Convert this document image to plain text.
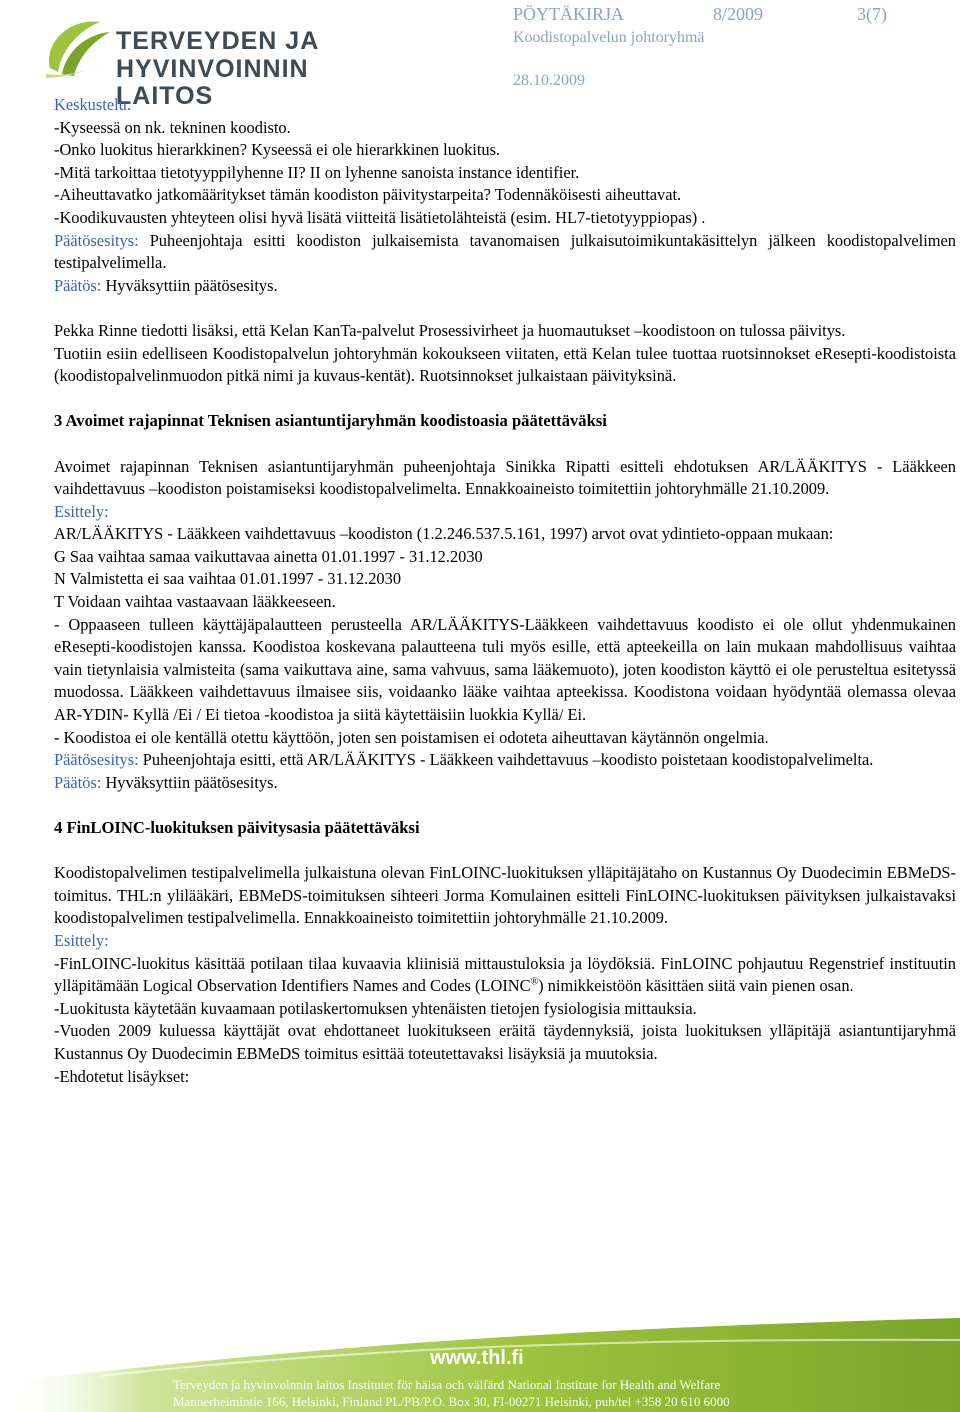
TERVEYDEN JA
HYVINVOINNIN LAITOS
PÖYTÄKIRJA	8/2009	3(7)
Koodistopalvelun johtoryhmä
28.10.2009

Keskustelu:

-Kyseessä on nk. tekninen koodisto.

-Onko luokitus hierarkkinen? Kyseessä ei ole hierarkkinen luokitus.

-Mitä tarkoittaa tietotyyppilyhenne II? II on lyhenne sanoista instance identifier.

-Aiheuttavatko jatkomääritykset tämän koodiston päivitystarpeita? Todennäköisesti aiheuttavat.

-Koodikuvausten yhteyteen olisi hyvä lisätä viitteitä lisätietolähteistä (esim. HL7-tietotyyppiopas) .

Päätösesitys: Puheenjohtaja esitti koodiston julkaisemista tavanomaisen julkaisutoimikuntakäsittelyn jälkeen koodistopalvelimen testipalvelimella.

Päätös: Hyväksyttiin päätösesitys.

Pekka Rinne tiedotti lisäksi, että Kelan KanTa-palvelut Prosessivirheet ja huomautukset –koodistoon on tulossa päivitys.

Tuotiin esiin edelliseen Koodistopalvelun johtoryhmän kokoukseen viitaten, että Kelan tulee tuottaa ruotsinnokset eResepti-koodistoista (koodistopalvelinmuodon pitkä nimi ja kuvaus-kentät). Ruotsinnokset julkaistaan päivityksinä.

3 Avoimet rajapinnat Teknisen asiantuntijaryhmän koodistoasia päätettäväksi

Avoimet rajapinnan Teknisen asiantuntijaryhmän puheenjohtaja Sinikka Ripatti esitteli ehdotuksen AR/LÄÄKITYS - Lääkkeen vaihdettavuus –koodiston poistamiseksi koodistopalvelimelta. Ennakkoaineisto toimitettiin johtoryhmälle 21.10.2009.

Esittely:

AR/LÄÄKITYS - Lääkkeen vaihdettavuus –koodiston (1.2.246.537.5.161, 1997) arvot ovat ydintieto-oppaan mukaan:

G Saa vaihtaa samaa vaikuttavaa ainetta 01.01.1997 - 31.12.2030

N Valmistetta ei saa vaihtaa 01.01.1997 - 31.12.2030

T Voidaan vaihtaa vastaavaan lääkkeeseen.

- Oppaaseen tulleen käyttäjäpalautteen perusteella AR/LÄÄKITYS-Lääkkeen vaihdettavuus koodisto ei ole ollut yhdenmukainen eResepti-koodistojen kanssa. Koodistoa koskevana palautteena tuli myös esille, että apteekeilla on lain mukaan mahdollisuus vaihtaa vain tietynlaisia valmisteita (sama vaikuttava aine, sama vahvuus, sama lääkemuoto), joten koodiston käyttö ei ole perusteltua esitetyssä muodossa. Lääkkeen vaihdettavuus ilmaisee siis, voidaanko lääke vaihtaa apteekissa. Koodistona voidaan hyödyntää olemassa olevaa AR-YDIN- Kyllä /Ei / Ei tietoa -koodistoa ja siitä käytettäisiin luokkia Kyllä/ Ei.

- Koodistoa ei ole kentällä otettu käyttöön, joten sen poistamisen ei odoteta aiheuttavan käytännön ongelmia.

Päätösesitys: Puheenjohtaja esitti, että AR/LÄÄKITYS - Lääkkeen vaihdettavuus –koodisto poistetaan koodistopalvelimelta.

Päätös: Hyväksyttiin päätösesitys.

4 FinLOINC-luokituksen päivitysasia päätettäväksi

Koodistopalvelimen testipalvelimella julkaistuna olevan FinLOINC-luokituksen ylläpitäjätaho on Kustannus Oy Duodecimin EBMeDS-toimitus. THL:n ylilääkäri, EBMeDS-toimituksen sihteeri Jorma Komulainen esitteli FinLOINC-luokituksen päivityksen julkaistavaksi koodistopalvelimen testipalvelimella. Ennakkoaineisto toimitettiin johtoryhmälle 21.10.2009.

Esittely:

-FinLOINC-luokitus käsittää potilaan tilaa kuvaavia kliinisiä mittaustuloksia ja löydöksiä. FinLOINC pohjautuu Regenstrief instituutin ylläpitämään Logical Observation Identifiers Names and Codes (LOINC®) nimikkeistöön käsittäen siitä vain pienen osan.

-Luokitusta käytetään kuvaamaan potilaskertomuksen yhtenäisten tietojen fysiologisia mittauksia.

-Vuoden 2009 kuluessa käyttäjät ovat ehdottaneet luokitukseen eräitä täydennyksiä, joista luokituksen ylläpitäjä asiantuntijaryhmä Kustannus Oy Duodecimin EBMeDS toimitus esittää toteutettavaksi lisäyksiä ja muutoksia.

-Ehdotetut lisäykset:

www.thl.fi
Terveyden ja hyvinvoinnin laitos Institutet för hälsa och välfärd National Institute for Health and Welfare
Mannerheimintie 166, Helsinki, Finland PL/PB/P.O. Box 30, FI-00271 Helsinki, puh/tel +358 20 610 6000
